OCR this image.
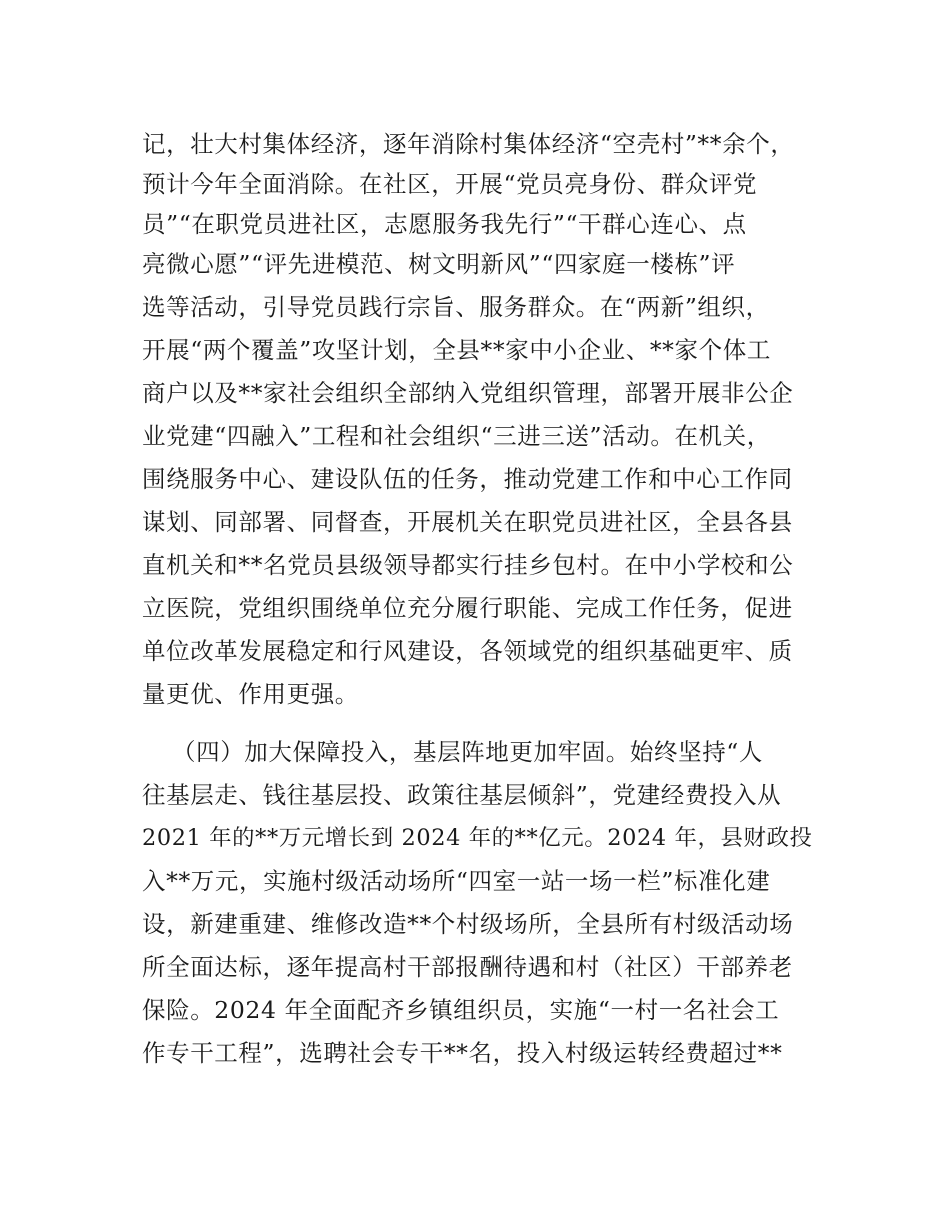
记，壮大村集体经济，逐年消除村集体经济“空壳村”**余个，
预计今年全面消除。在社区，开展“党员亮身份、群众评党
员”“在职党员进社区，志愿服务我先行”“干群心连心、点
亮微心愿”“评先进模范、树文明新风”“四家庭一楼栋”评
选等活动，引导党员践行宗旨、服务群众。在“两新”组织，
开展“两个覆盖”攻坚计划，全县**家中小企业、**家个体工
商户以及**家社会组织全部纳入党组织管理，部署开展非公企
业党建“四融入”工程和社会组织“三进三送”活动。在机关，
围绕服务中心、建设队伍的任务，推动党建工作和中心工作同
谋划、同部署、同督查，开展机关在职党员进社区，全县各县
直机关和**名党员县级领导都实行挂乡包村。在中小学校和公
立医院，党组织围绕单位充分履行职能、完成工作任务，促进
单位改革发展稳定和行风建设，各领域党的组织基础更牢、质
量更优、作用更强。
（四）加大保障投入，基层阵地更加牢固。始终坚持“人
往基层走、钱往基层投、政策往基层倾斜”，党建经费投入从
2021 年的**万元增长到 2024 年的**亿元。2024 年，县财政投
入**万元，实施村级活动场所“四室一站一场一栏”标准化建
设，新建重建、维修改造**个村级场所，全县所有村级活动场
所全面达标，逐年提高村干部报酬待遇和村（社区）干部养老
保险。2024 年全面配齐乡镇组织员，实施“一村一名社会工
作专干工程”，选聘社会专干**名，投入村级运转经费超过**
